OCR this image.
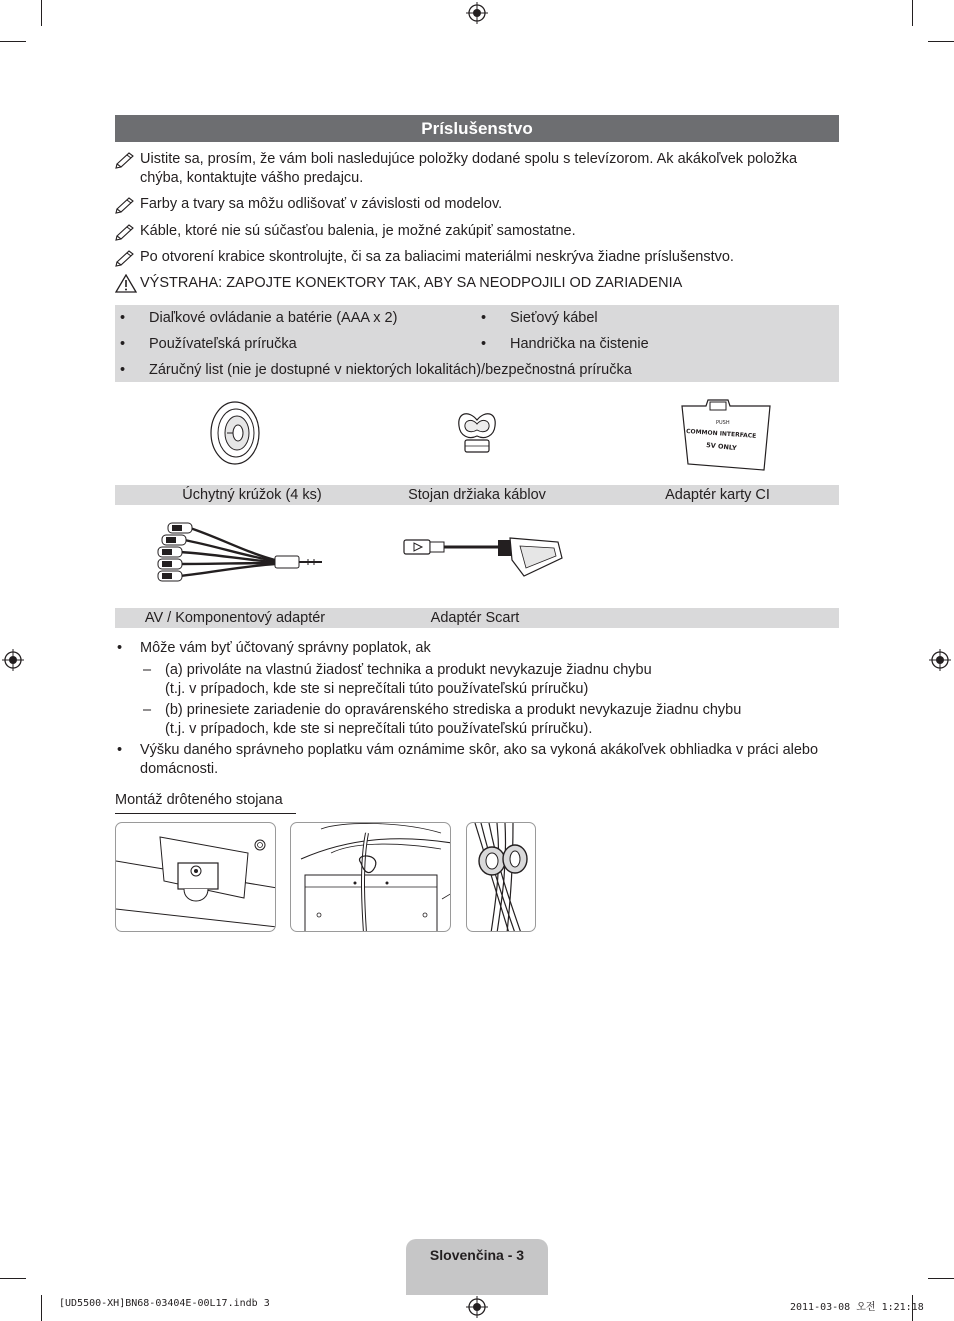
Príslušenstvo
Uistite sa, prosím, že vám boli nasledujúce položky dodané spolu s televízorom. Ak akákoľvek položka chýba, kontaktujte vášho predajcu.
Farby a tvary sa môžu odlišovať v závislosti od modelov.
Káble, ktoré nie sú súčasťou balenia, je možné zakúpiť samostatne.
Po otvorení krabice skontrolujte, či sa za baliacimi materiálmi neskrýva žiadne príslušenstvo.
VÝSTRAHA: ZAPOJTE KONEKTORY TAK, ABY SA NEODPOJILI OD ZARIADENIA
• Diaľkové ovládanie a batérie (AAA x 2)	• Sieťový kábel
• Používateľská príručka	• Handrička na čistenie
• Záručný list (nie je dostupné v niektorých lokalitách)/bezpečnostná príručka
PUSH
COMMON INTERFACE
5V ONLY
Úchytný krúžok (4 ks)	Stojan držiaka káblov	Adaptér karty CI
AV / Komponentový adaptér	Adaptér Scart
• Môže vám byť účtovaný správny poplatok, ak
– (a) privoláte na vlastnú žiadosť technika a produkt nevykazuje žiadnu chybu
(t.j. v prípadoch, kde ste si neprečítali túto používateľskú príručku)
– (b) prinesiete zariadenie do opravárenského strediska a produkt nevykazuje žiadnu chybu
(t.j. v prípadoch, kde ste si neprečítali túto používateľskú príručku).
• Výšku daného správneho poplatku vám oznámime skôr, ako sa vykoná akákoľvek obhliadka v práci alebo
domácnosti.
Montáž drôteného stojana
Slovenčina - 3
[UD5500-XH]BN68-03404E-00L17.indb 3	2011-03-08 오전 1:21:18
